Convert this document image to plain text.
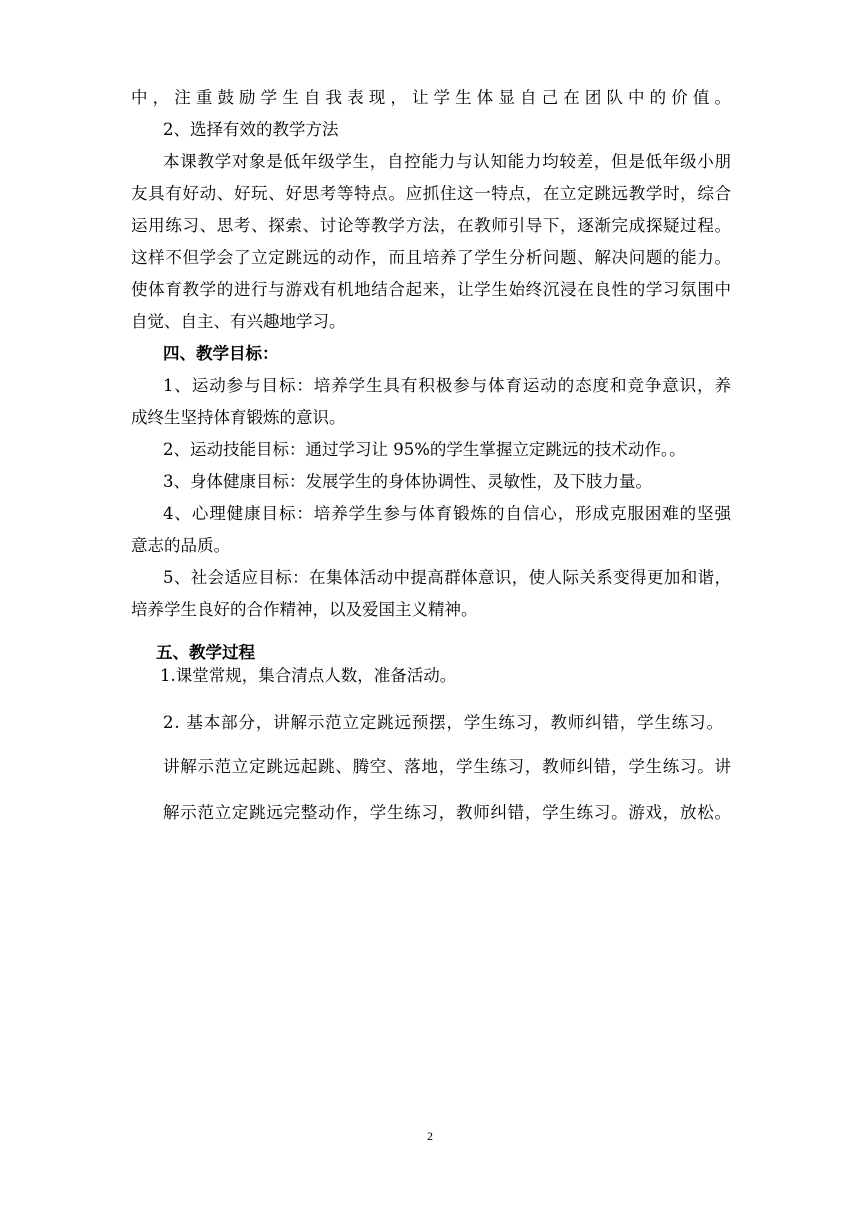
中，注重鼓励学生自我表现，让学生体显自己在团队中的价值。
2、选择有效的教学方法
本课教学对象是低年级学生，自控能力与认知能力均较差，但是低年级小朋
友具有好动、好玩、好思考等特点。应抓住这一特点，在立定跳远教学时，综合
运用练习、思考、探索、讨论等教学方法，在教师引导下，逐渐完成探疑过程。
这样不但学会了立定跳远的动作，而且培养了学生分析问题、解决问题的能力。
使体育教学的进行与游戏有机地结合起来，让学生始终沉浸在良性的学习氛围中
自觉、自主、有兴趣地学习。
四、教学目标：
1、运动参与目标：培养学生具有积极参与体育运动的态度和竞争意识，养
成终生坚持体育锻炼的意识。
2、运动技能目标：通过学习让 95%的学生掌握立定跳远的技术动作。。
3、身体健康目标：发展学生的身体协调性、灵敏性，及下肢力量。
4、心理健康目标：培养学生参与体育锻炼的自信心，形成克服困难的坚强
意志的品质。
5、社会适应目标：在集体活动中提高群体意识，使人际关系变得更加和谐，
培养学生良好的合作精神，以及爱国主义精神。
五、教学过程
1.课堂常规，集合清点人数，准备活动。
2. 基本部分，讲解示范立定跳远预摆，学生练习，教师纠错，学生练习。
讲解示范立定跳远起跳、腾空、落地，学生练习，教师纠错，学生练习。讲
解示范立定跳远完整动作，学生练习，教师纠错，学生练习。游戏，放松。
2
